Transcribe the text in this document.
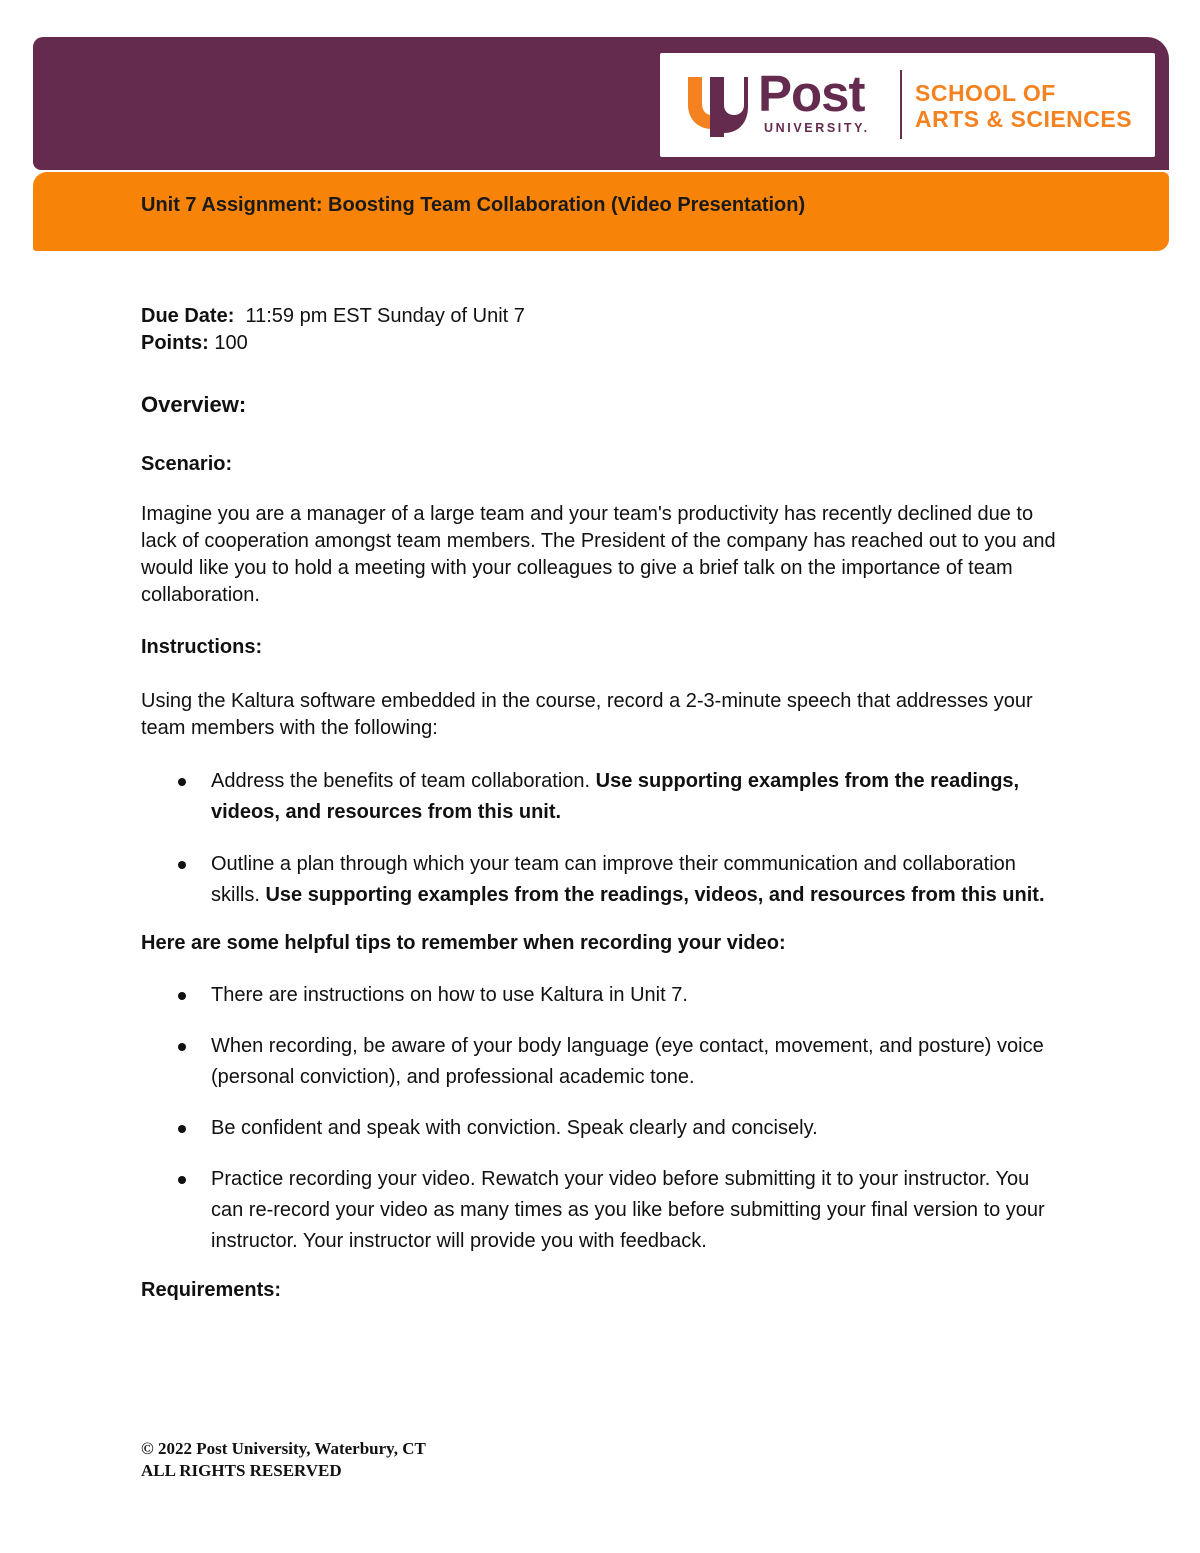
Post
UNIVERSITY.
SCHOOL OF
ARTS & SCIENCES
Unit 7 Assignment: Boosting Team Collaboration (Video Presentation)

Due Date: 11:59 pm EST Sunday of Unit 7

Points: 100

Overview:

Scenario:

Imagine you are a manager of a large team and your team's productivity has recently declined due to lack of cooperation amongst team members. The President of the company has reached out to you and would like you to hold a meeting with your colleagues to give a brief talk on the importance of team collaboration.

Instructions:

Using the Kaltura software embedded in the course, record a 2-3-minute speech that addresses your team members with the following:

Address the benefits of team collaboration. Use supporting examples from the readings, videos, and resources from this unit.
Outline a plan through which your team can improve their communication and collaboration skills. Use supporting examples from the readings, videos, and resources from this unit.

Here are some helpful tips to remember when recording your video:

There are instructions on how to use Kaltura in Unit 7.
When recording, be aware of your body language (eye contact, movement, and posture) voice (personal conviction), and professional academic tone.
Be confident and speak with conviction. Speak clearly and concisely.
Practice recording your video. Rewatch your video before submitting it to your instructor. You can re-record your video as many times as you like before submitting your final version to your instructor. Your instructor will provide you with feedback.

Requirements:

© 2022 Post University, Waterbury, CT
ALL RIGHTS RESERVED
